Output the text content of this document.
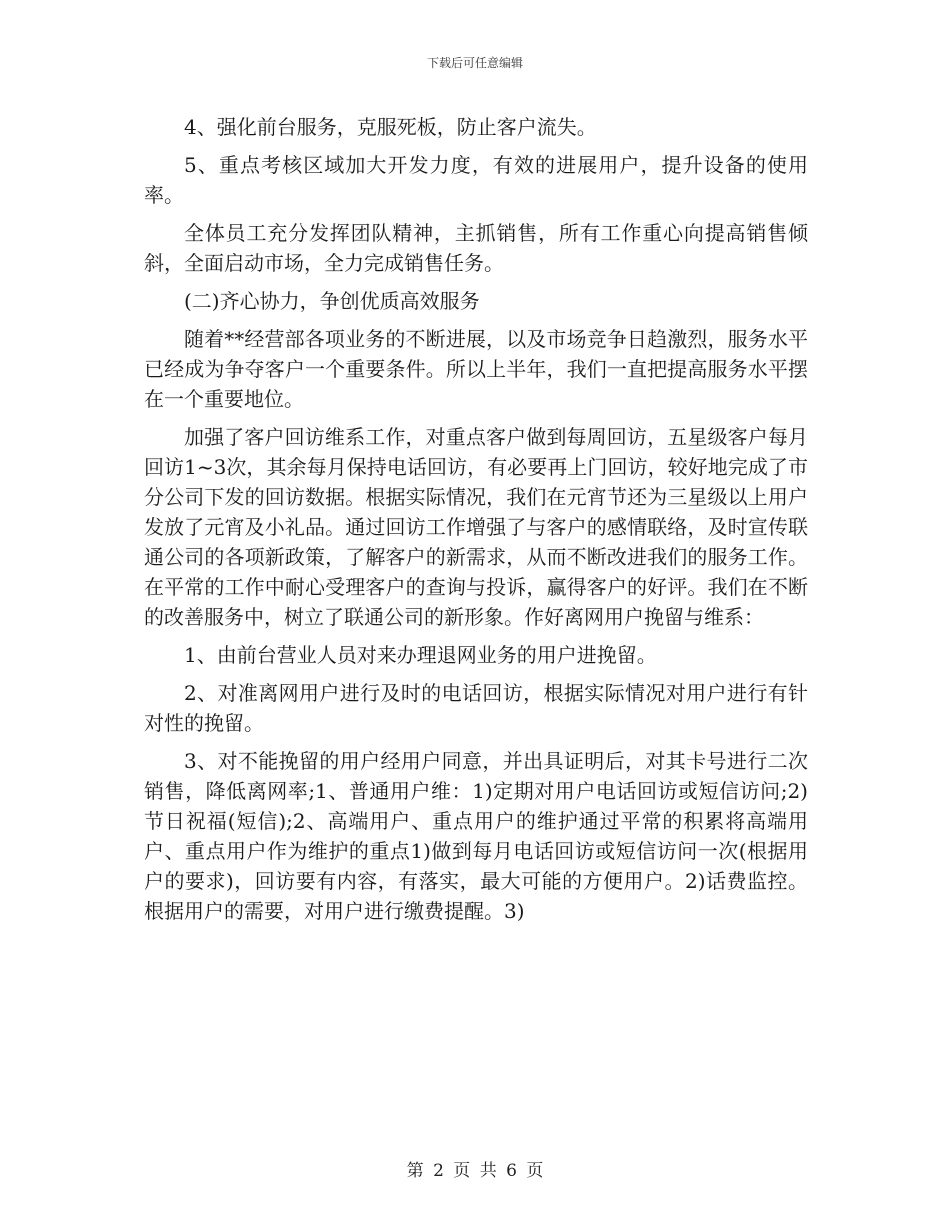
下载后可任意编辑

4、强化前台服务，克服死板，防止客户流失。

5、重点考核区域加大开发力度，有效的进展用户，提升设备的使用率。

全体员工充分发挥团队精神，主抓销售，所有工作重心向提高销售倾斜，全面启动市场，全力完成销售任务。

(二)齐心协力，争创优质高效服务

随着**经营部各项业务的不断进展，以及市场竞争日趋激烈，服务水平已经成为争夺客户一个重要条件。所以上半年，我们一直把提高服务水平摆在一个重要地位。

加强了客户回访维系工作，对重点客户做到每周回访，五星级客户每月回访1~3次，其余每月保持电话回访，有必要再上门回访，较好地完成了市分公司下发的回访数据。根据实际情况，我们在元宵节还为三星级以上用户发放了元宵及小礼品。通过回访工作增强了与客户的感情联络，及时宣传联通公司的各项新政策，了解客户的新需求，从而不断改进我们的服务工作。在平常的工作中耐心受理客户的查询与投诉，赢得客户的好评。我们在不断的改善服务中，树立了联通公司的新形象。作好离网用户挽留与维系：

1、由前台营业人员对来办理退网业务的用户进挽留。

2、对准离网用户进行及时的电话回访，根据实际情况对用户进行有针对性的挽留。

3、对不能挽留的用户经用户同意，并出具证明后，对其卡号进行二次销售，降低离网率;1、普通用户维：1)定期对用户电话回访或短信访问;2)节日祝福(短信);2、高端用户、重点用户的维护通过平常的积累将高端用户、重点用户作为维护的重点1)做到每月电话回访或短信访问一次(根据用户的要求)，回访要有内容，有落实，最大可能的方便用户。2)话费监控。根据用户的需要，对用户进行缴费提醒。3)

第 2 页 共 6 页
